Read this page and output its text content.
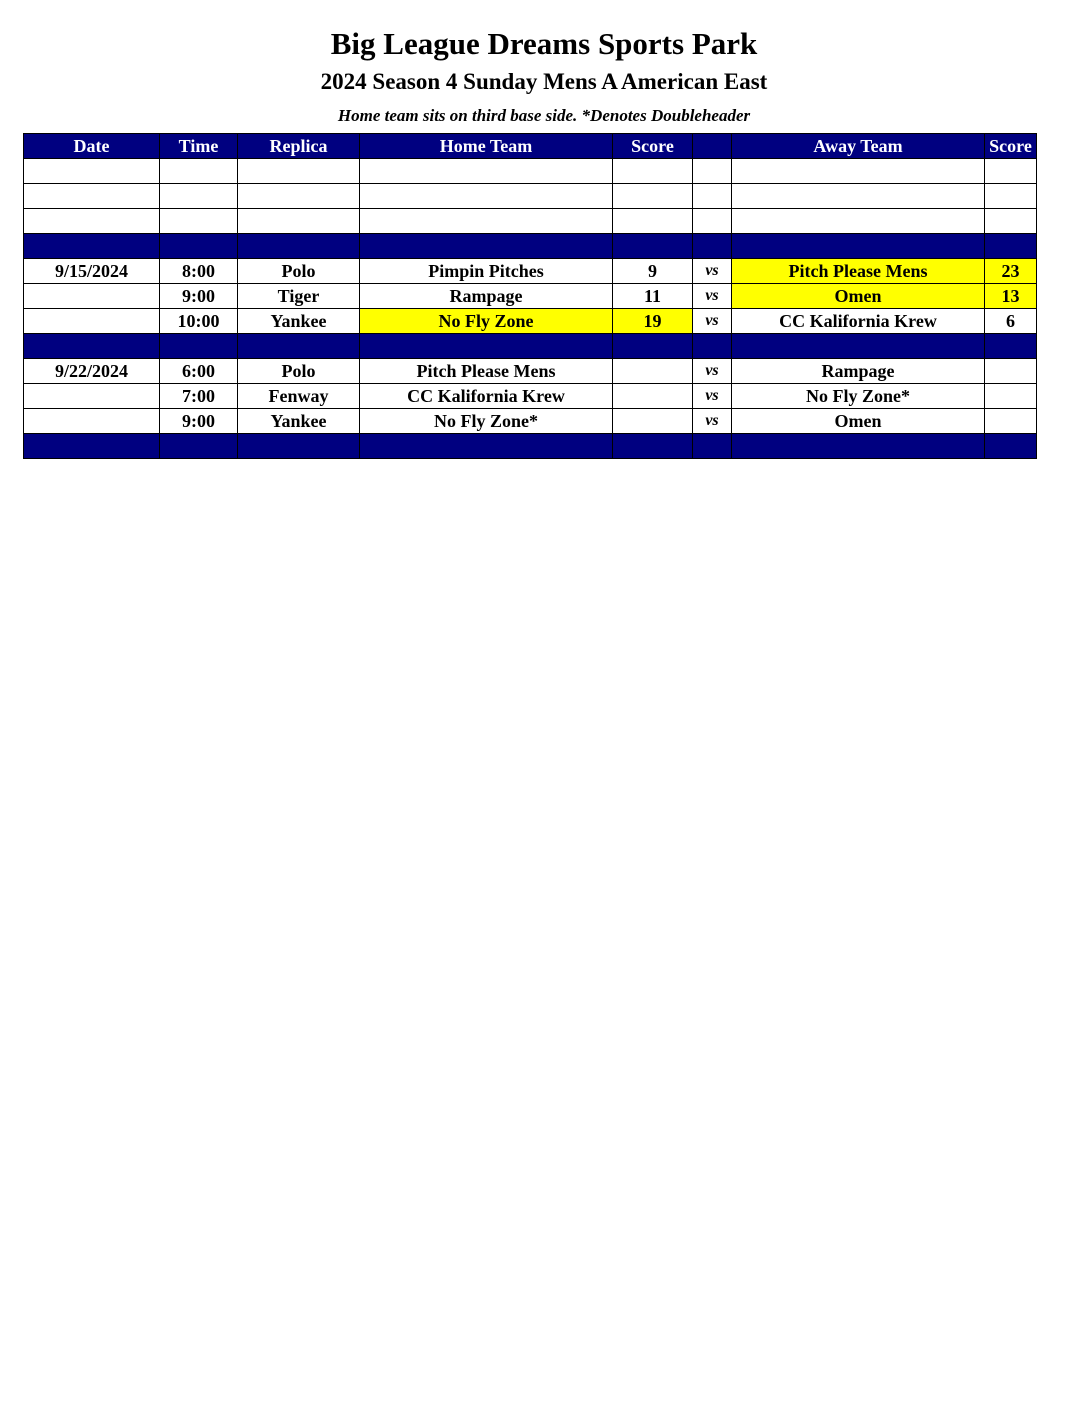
Big League Dreams Sports Park
2024 Season 4 Sunday Mens A American East
Home team sits on third base side. *Denotes Doubleheader
Date	Time	Replica	Home Team	Score		Away Team	Score

9/15/2024	8:00	Polo	Pimpin Pitches	9	vs	Pitch Please Mens	23
	9:00	Tiger	Rampage	11	vs	Omen	13
	10:00	Yankee	No Fly Zone	19	vs	CC Kalifornia Krew	6

9/22/2024	6:00	Polo	Pitch Please Mens		vs	Rampage	
	7:00	Fenway	CC Kalifornia Krew		vs	No Fly Zone*	
	9:00	Yankee	No Fly Zone*		vs	Omen	
